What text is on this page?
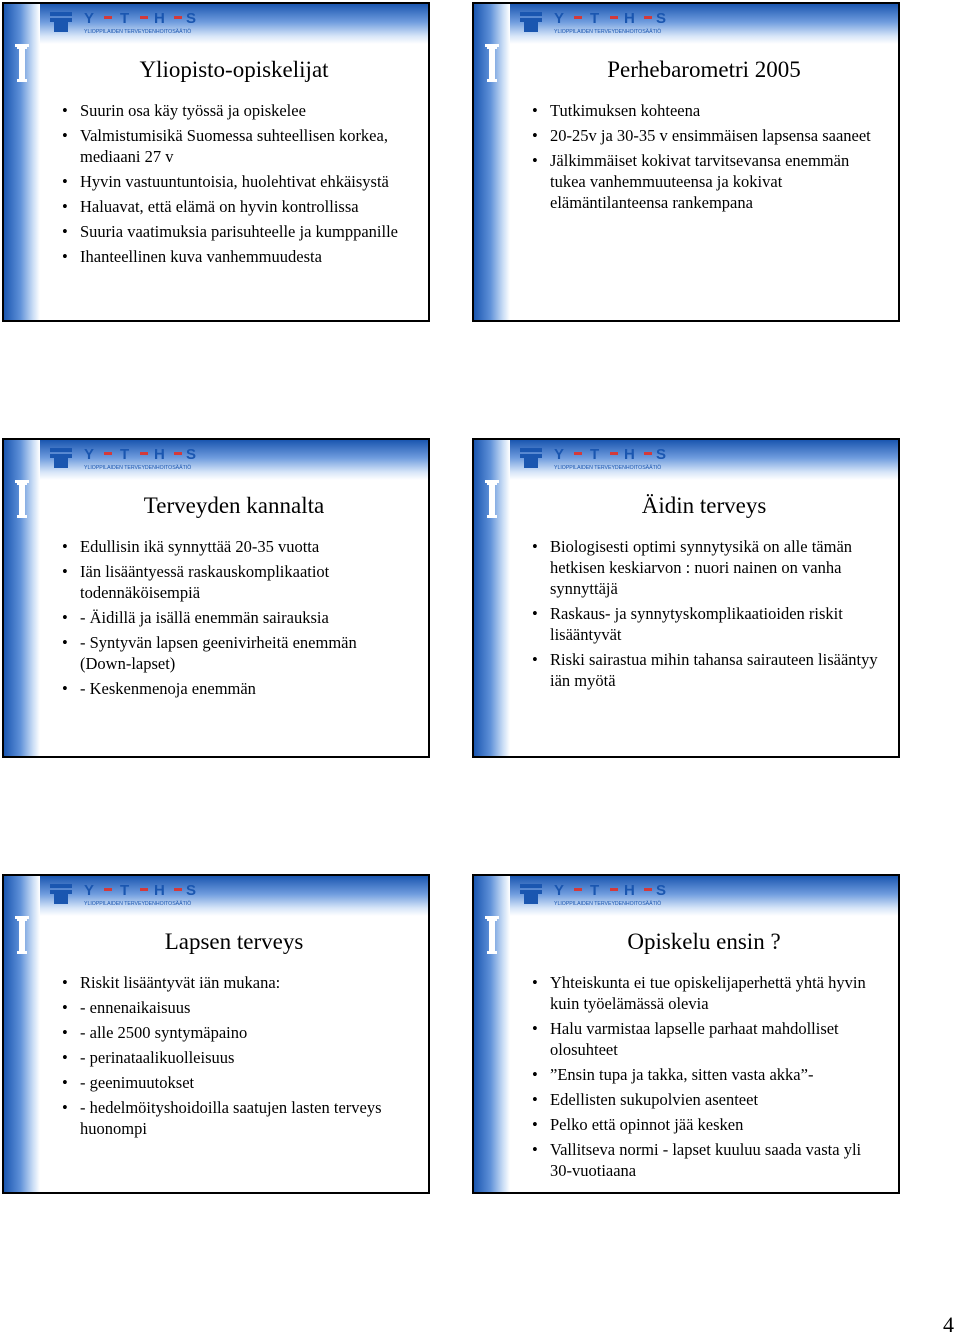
Y T H S
YLIOPPILAIDEN TERVEYDENHOITOSÄÄTIÖ
Yliopisto-opiskelijat
• Suurin osa käy työssä ja opiskelee
• Valmistumisikä Suomessa suhteellisen korkea, mediaani 27 v
• Hyvin vastuuntuntoisia, huolehtivat ehkäisystä
• Haluavat, että elämä on hyvin kontrollissa
• Suuria vaatimuksia parisuhteelle ja kumppanille
• Ihanteellinen kuva vanhemmuudesta
Y T H S
YLIOPPILAIDEN TERVEYDENHOITOSÄÄTIÖ
Perhebarometri 2005
• Tutkimuksen kohteena
• 20-25v ja 30-35 v ensimmäisen lapsensa saaneet
• Jälkimmäiset kokivat tarvitsevansa enemmän tukea vanhemmuuteensa ja kokivat elämäntilanteensa rankempana
Y T H S
YLIOPPILAIDEN TERVEYDENHOITOSÄÄTIÖ
Terveyden kannalta
• Edullisin ikä synnyttää 20-35 vuotta
• Iän lisääntyessä raskauskomplikaatiot todennäköisempiä
• - Äidillä ja isällä enemmän sairauksia
• - Syntyvän lapsen geenivirheitä enemmän (Down-lapset)
• - Keskenmenoja enemmän
Y T H S
YLIOPPILAIDEN TERVEYDENHOITOSÄÄTIÖ
Äidin terveys
• Biologisesti optimi synnytysikä on alle tämän hetkisen keskiarvon : nuori nainen on vanha synnyttäjä
• Raskaus- ja synnytyskomplikaatioiden riskit lisääntyvät
• Riski sairastua mihin tahansa sairauteen lisääntyy iän myötä
Y T H S
YLIOPPILAIDEN TERVEYDENHOITOSÄÄTIÖ
Lapsen terveys
• Riskit lisääntyvät iän mukana:
• - ennenaikaisuus
• - alle 2500 syntymäpaino
• - perinataalikuolleisuus
• - geenimuutokset
• - hedelmöityshoidoilla saatujen lasten terveys huonompi
Y T H S
YLIOPPILAIDEN TERVEYDENHOITOSÄÄTIÖ
Opiskelu ensin ?
• Yhteiskunta ei tue opiskelijaperhettä yhtä hyvin kuin työelämässä olevia
• Halu varmistaa lapselle parhaat mahdolliset olosuhteet
• ”Ensin tupa ja takka, sitten vasta akka”-
• Edellisten sukupolvien asenteet
• Pelko että opinnot jää kesken
• Vallitseva normi - lapset kuuluu saada vasta yli 30-vuotiaana
4
